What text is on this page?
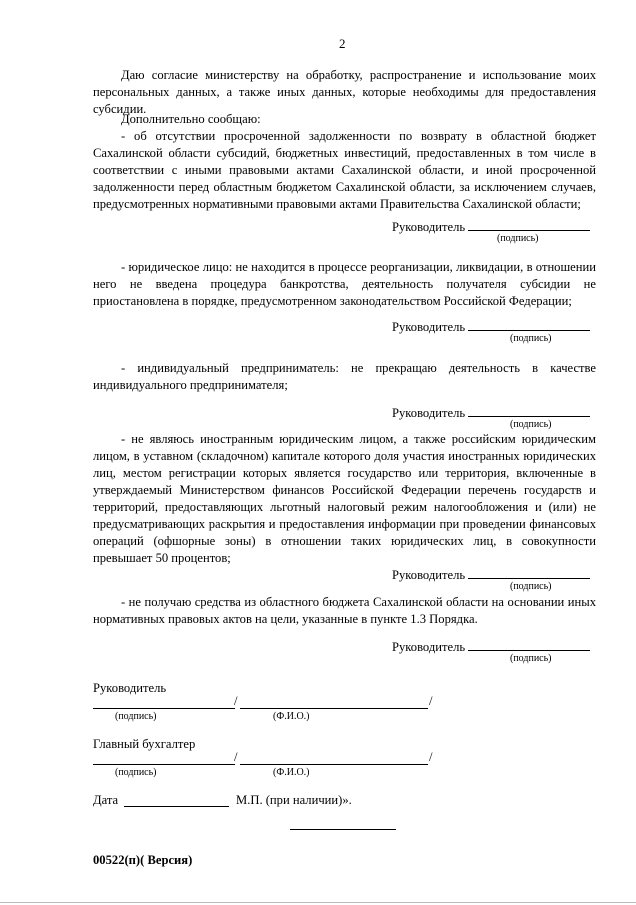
2

Даю согласие министерству на обработку, распространение и использование моих персональных данных, а также иных данных, которые необходимы для предоставления субсидии.

Дополнительно сообщаю:

- об отсутствии просроченной задолженности по возврату в областной бюджет Сахалинской области субсидий, бюджетных инвестиций, предоставленных в том числе в соответствии с иными правовыми актами Сахалинской области, и иной просроченной задолженности перед областным бюджетом Сахалинской области, за исключением случаев, предусмотренных нормативными правовыми актами Правительства Сахалинской области;

Руководитель
(подпись)

- юридическое лицо: не находится в процессе реорганизации, ликвидации, в отношении него не введена процедура банкротства, деятельность получателя субсидии не приостановлена в порядке, предусмотренном законодательством Российской Федерации;

Руководитель
(подпись)

- индивидуальный предприниматель: не прекращаю деятельность в качестве индивидуального предпринимателя;

Руководитель
(подпись)

- не являюсь иностранным юридическим лицом, а также российским юридическим лицом, в уставном (складочном) капитале которого доля участия иностранных юридических лиц, местом регистрации которых является государство или территория, включенные в утверждаемый Министерством финансов Российской Федерации перечень государств и территорий, предоставляющих льготный налоговый режим налогообложения и (или) не предусматривающих раскрытия и предоставления информации при проведении финансовых операций (офшорные зоны) в отношении таких юридических лиц, в совокупности превышает 50 процентов;

Руководитель
(подпись)

- не получаю средства из областного бюджета Сахалинской области на основании иных нормативных правовых актов на цели, указанные в пункте 1.3 Порядка.

Руководитель
(подпись)
Руководитель
/	/
(подпись)	(Ф.И.О.)
Главный бухгалтер
/	/
(подпись)	(Ф.И.О.)
Дата	М.П. (при наличии)».
00522(п)( Версия)
